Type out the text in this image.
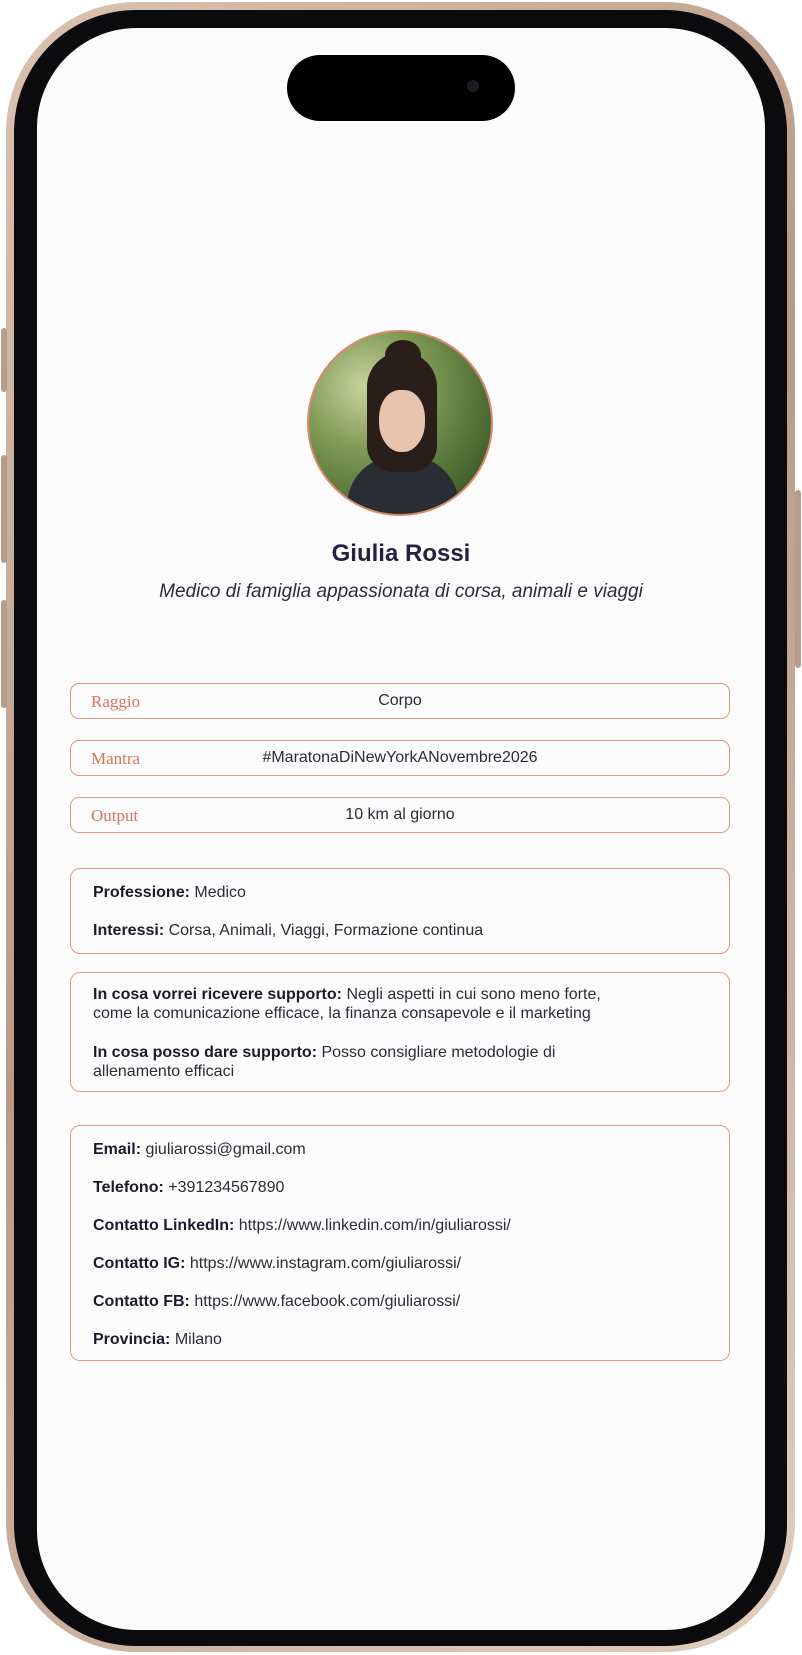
Giulia Rossi
Medico di famiglia appassionata di corsa, animali e viaggi
Raggio	Corpo
Mantra	#MaratonaDiNewYorkANovembre2026
Output	10 km al giorno
Professione: Medico
Interessi: Corsa, Animali, Viaggi, Formazione continua
In cosa vorrei ricevere supporto: Negli aspetti in cui sono meno forte,
come la comunicazione efficace, la finanza consapevole e il marketing
In cosa posso dare supporto: Posso consigliare metodologie di
allenamento efficaci
Email: giuliarossi@gmail.com
Telefono: +391234567890
Contatto LinkedIn: https://www.linkedin.com/in/giuliarossi/
Contatto IG: https://www.instagram.com/giuliarossi/
Contatto FB: https://www.facebook.com/giuliarossi/
Provincia: Milano
